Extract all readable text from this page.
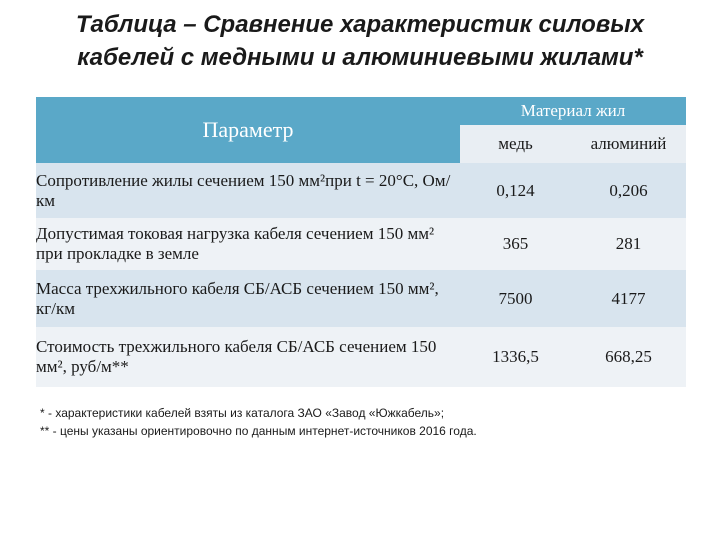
Таблица – Сравнение характеристик силовых
кабелей с медными и алюминиевыми жилами*
Параметр	Материал жил	
	медь	алюминий
Сопротивление жилы сечением 150 мм²при t = 20°С, Ом/км	0,124	0,206
Допустимая токовая нагрузка кабеля сечением 150 мм² при прокладке в земле	365	281
Масса трехжильного кабеля СБ/АСБ сечением 150 мм², кг/км	7500	4177
Стоимость трехжильного кабеля СБ/АСБ сечением 150 мм², руб/м**	1336,5	668,25
* - характеристики кабелей взяты из каталога ЗАО «Завод «Южкабель»;
** - цены указаны ориентировочно по данным интернет-источников 2016 года.
